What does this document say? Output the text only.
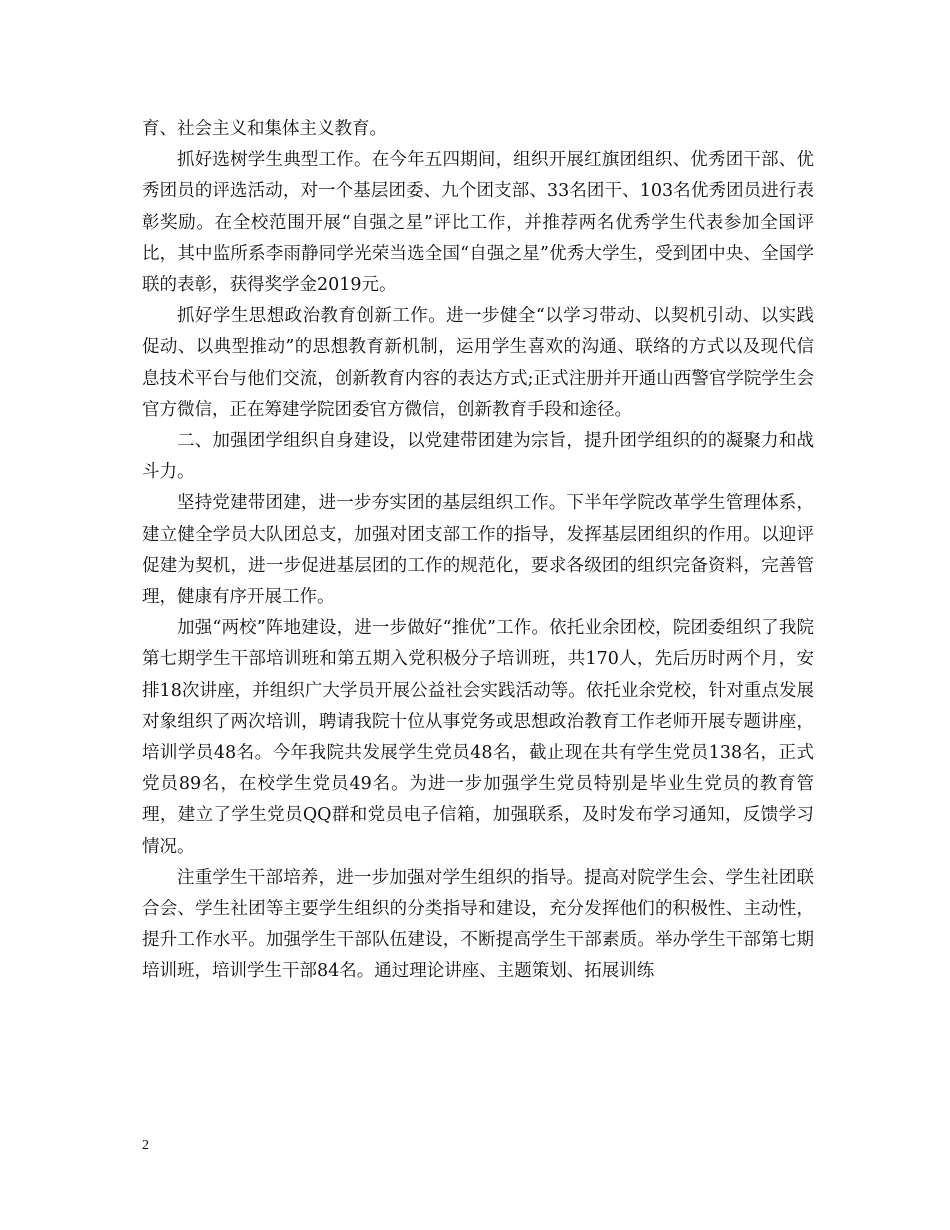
育、社会主义和集体主义教育。

抓好选树学生典型工作。在今年五四期间，组织开展红旗团组织、优秀团干部、优秀团员的评选活动，对一个基层团委、九个团支部、33名团干、103名优秀团员进行表彰奖励。在全校范围开展“自强之星”评比工作，并推荐两名优秀学生代表参加全国评比，其中监所系李雨静同学光荣当选全国“自强之星”优秀大学生，受到团中央、全国学联的表彰，获得奖学金2019元。

抓好学生思想政治教育创新工作。进一步健全“以学习带动、以契机引动、以实践促动、以典型推动”的思想教育新机制，运用学生喜欢的沟通、联络的方式以及现代信息技术平台与他们交流，创新教育内容的表达方式;正式注册并开通山西警官学院学生会官方微信，正在筹建学院团委官方微信，创新教育手段和途径。

二、加强团学组织自身建设，以党建带团建为宗旨，提升团学组织的的凝聚力和战斗力。

坚持党建带团建，进一步夯实团的基层组织工作。下半年学院改革学生管理体系，建立健全学员大队团总支，加强对团支部工作的指导，发挥基层团组织的作用。以迎评促建为契机，进一步促进基层团的工作的规范化，要求各级团的组织完备资料，完善管理，健康有序开展工作。

加强“两校”阵地建设，进一步做好“推优”工作。依托业余团校，院团委组织了我院第七期学生干部培训班和第五期入党积极分子培训班，共170人，先后历时两个月，安排18次讲座，并组织广大学员开展公益社会实践活动等。依托业余党校，针对重点发展对象组织了两次培训，聘请我院十位从事党务或思想政治教育工作老师开展专题讲座，培训学员48名。今年我院共发展学生党员48名，截止现在共有学生党员138名，正式党员89名，在校学生党员49名。为进一步加强学生党员特别是毕业生党员的教育管理，建立了学生党员QQ群和党员电子信箱，加强联系，及时发布学习通知，反馈学习情况。

注重学生干部培养，进一步加强对学生组织的指导。提高对院学生会、学生社团联合会、学生社团等主要学生组织的分类指导和建设，充分发挥他们的积极性、主动性，提升工作水平。加强学生干部队伍建设，不断提高学生干部素质。举办学生干部第七期培训班，培训学生干部84名。通过理论讲座、主题策划、拓展训练

2
